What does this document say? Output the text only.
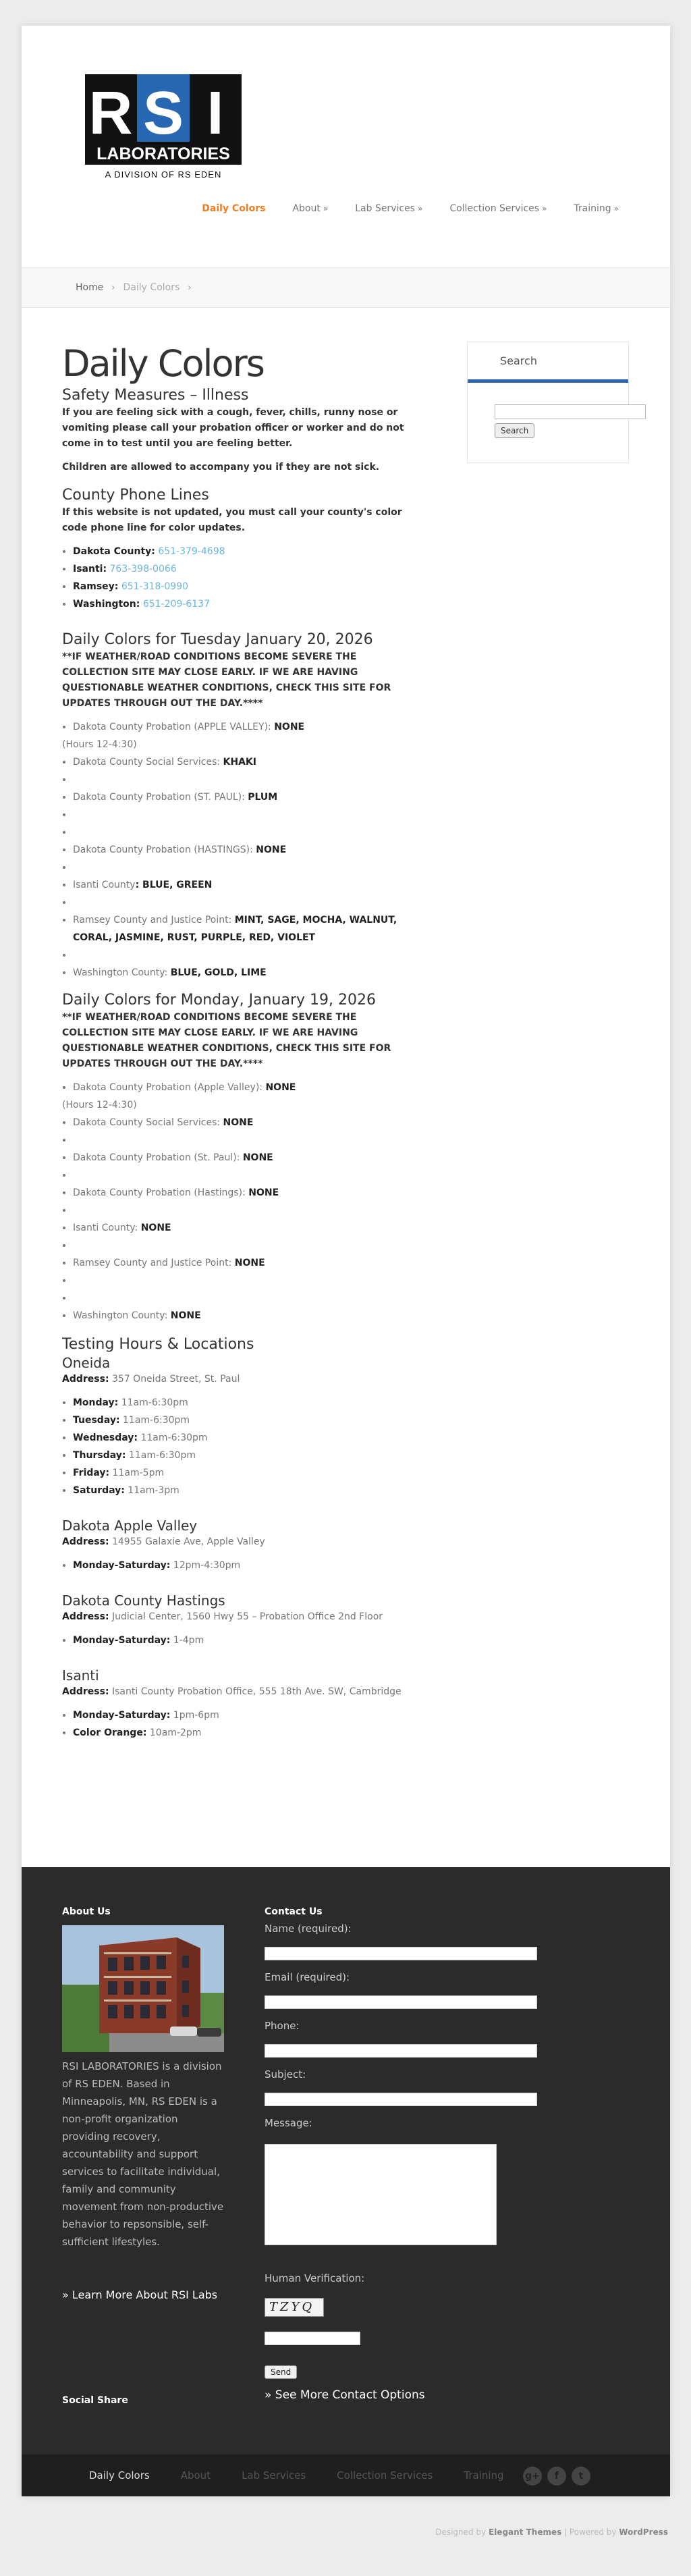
R S I
LABORATORIES
A DIVISION OF RS EDEN
Daily Colors	About »	Lab Services »	Collection Services »	Training »
Home › Daily Colors ›
Daily Colors
Safety Measures – Illness

If you are feeling sick with a cough, fever, chills, runny nose or vomiting please call your probation officer or worker and do not come in to test until you are feeling better.

Children are allowed to accompany you if they are not sick.

County Phone Lines

If this website is not updated, you must call your county's color code phone line for color updates.

• Dakota County: 651-379-4698
• Isanti: 763-398-0066
• Ramsey: 651-318-0990
• Washington: 651-209-6137
Daily Colors for Tuesday January 20, 2026

**IF WEATHER/ROAD CONDITIONS BECOME SEVERE THE COLLECTION SITE MAY CLOSE EARLY. IF WE ARE HAVING QUESTIONABLE WEATHER CONDITIONS, CHECK THIS SITE FOR UPDATES THROUGH OUT THE DAY.****

• Dakota County Probation (APPLE VALLEY): NONE
(Hours 12-4:30)
• Dakota County Social Services: KHAKI
•
• Dakota County Probation (ST. PAUL): PLUM
•
•
• Dakota County Probation (HASTINGS): NONE
•
• Isanti County: BLUE, GREEN
•
• Ramsey County and Justice Point: MINT, SAGE, MOCHA, WALNUT, CORAL, JASMINE, RUST, PURPLE, RED, VIOLET
•
• Washington County: BLUE, GOLD, LIME
Daily Colors for Monday, January 19, 2026

**IF WEATHER/ROAD CONDITIONS BECOME SEVERE THE COLLECTION SITE MAY CLOSE EARLY. IF WE ARE HAVING QUESTIONABLE WEATHER CONDITIONS, CHECK THIS SITE FOR UPDATES THROUGH OUT THE DAY.****

• Dakota County Probation (Apple Valley): NONE
(Hours 12-4:30)
• Dakota County Social Services: NONE
•
• Dakota County Probation (St. Paul): NONE
•
• Dakota County Probation (Hastings): NONE
•
• Isanti County: NONE
•
• Ramsey County and Justice Point: NONE
•
•
• Washington County: NONE
Testing Hours & Locations
Oneida

Address: 357 Oneida Street, St. Paul

• Monday: 11am-6:30pm
• Tuesday: 11am-6:30pm
• Wednesday: 11am-6:30pm
• Thursday: 11am-6:30pm
• Friday: 11am-5pm
• Saturday: 11am-3pm
Dakota Apple Valley

Address: 14955 Galaxie Ave, Apple Valley

• Monday-Saturday: 12pm-4:30pm
Dakota County Hastings

Address: Judicial Center, 1560 Hwy 55 – Probation Office 2nd Floor

• Monday-Saturday: 1-4pm
Isanti

Address: Isanti County Probation Office, 555 18th Ave. SW, Cambridge

• Monday-Saturday: 1pm-6pm
• Color Orange: 10am-2pm
Search
Search
About Us

RSI LABORATORIES is a division of RS EDEN. Based in Minneapolis, MN, RS EDEN is a non-profit organization providing recovery, accountability and support services to facilitate individual, family and community movement from non-productive behavior to repsonsible, self-sufficient lifestyles.

» Learn More About RSI Labs
Contact Us
Name (required):
Email (required):
Phone:
Subject:
Message:
Human Verification:
TZYQ
Send
» See More Contact Options
Social Share
Daily Colors	About	Lab Services	Collection Services	Training g+	f	t
Designed by Elegant Themes | Powered by WordPress
